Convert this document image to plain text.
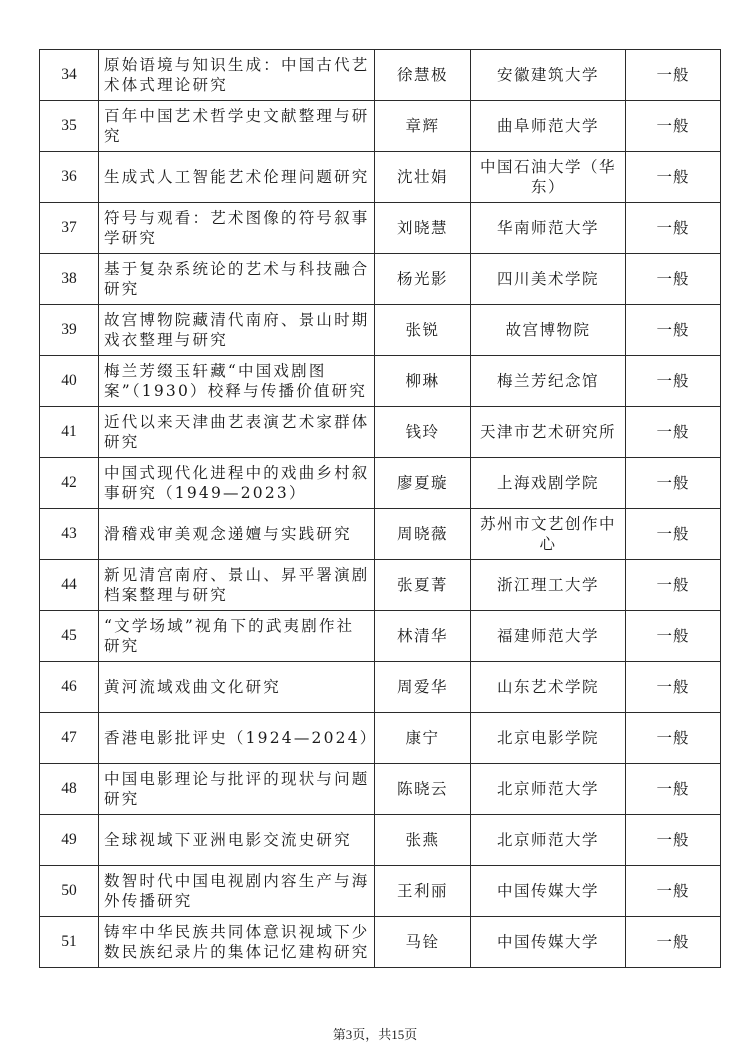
34	原始语境与知识生成：中国古代艺术体式理论研究	徐慧极	安徽建筑大学	一般
35	百年中国艺术哲学史文献整理与研究	章辉	曲阜师范大学	一般
36	生成式人工智能艺术伦理问题研究	沈壮娟	中国石油大学（华东）	一般
37	符号与观看：艺术图像的符号叙事学研究	刘晓慧	华南师范大学	一般
38	基于复杂系统论的艺术与科技融合研究	杨光影	四川美术学院	一般
39	故宫博物院藏清代南府、景山时期戏衣整理与研究	张锐	故宫博物院	一般
40	梅兰芳缀玉轩藏“中国戏剧图案”（1930）校释与传播价值研究	柳琳	梅兰芳纪念馆	一般
41	近代以来天津曲艺表演艺术家群体研究	钱玲	天津市艺术研究所	一般
42	中国式现代化进程中的戏曲乡村叙事研究（1949—2023）	廖夏璇	上海戏剧学院	一般
43	滑稽戏审美观念递嬗与实践研究	周晓薇	苏州市文艺创作中心	一般
44	新见清宫南府、景山、昇平署演剧档案整理与研究	张夏菁	浙江理工大学	一般
45	“文学场域”视角下的武夷剧作社研究	林清华	福建师范大学	一般
46	黄河流域戏曲文化研究	周爱华	山东艺术学院	一般
47	香港电影批评史（1924—2024）	康宁	北京电影学院	一般
48	中国电影理论与批评的现状与问题研究	陈晓云	北京师范大学	一般
49	全球视域下亚洲电影交流史研究	张燕	北京师范大学	一般
50	数智时代中国电视剧内容生产与海外传播研究	王利丽	中国传媒大学	一般
51	铸牢中华民族共同体意识视域下少数民族纪录片的集体记忆建构研究	马铨	中国传媒大学	一般
第3页，共15页
